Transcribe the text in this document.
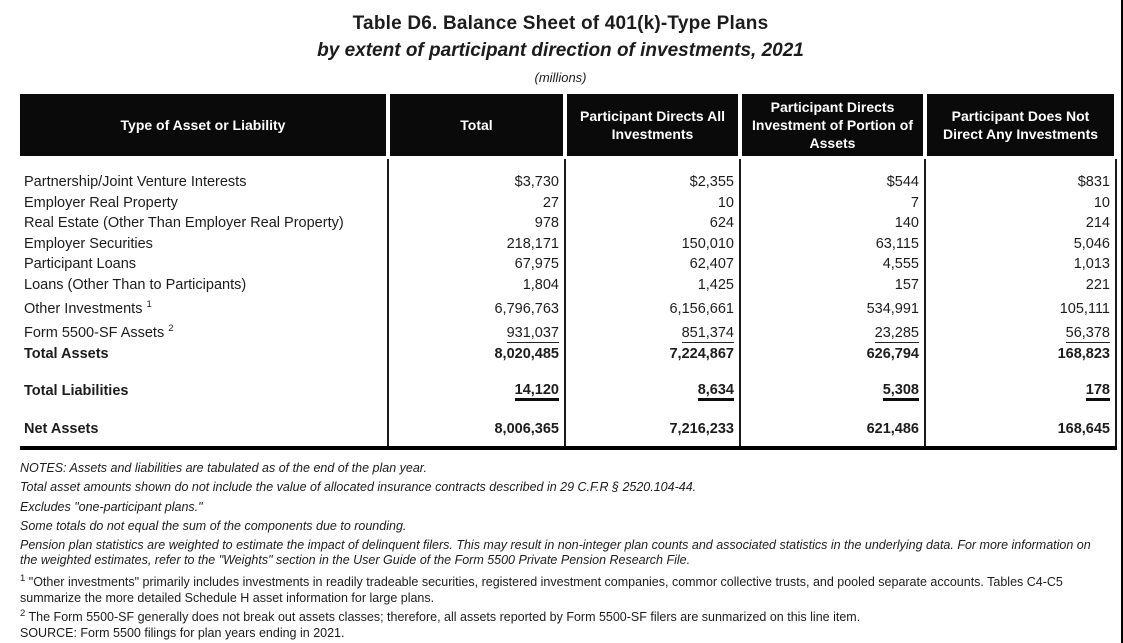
Table D6. Balance Sheet of 401(k)-Type Plans
by extent of participant direction of investments, 2021
(millions)
Type of Asset or Liability	Total	Participant Directs All Investments	Participant Directs Investment of Portion of Assets	Participant Does Not Direct Any Investments
Partnership/Joint Venture Interests	$3,730	$2,355	$544	$831
Employer Real Property	27	10	7	10
Real Estate (Other Than Employer Real Property)	978	624	140	214
Employer Securities	218,171	150,010	63,115	5,046
Participant Loans	67,975	62,407	4,555	1,013
Loans (Other Than to Participants)	1,804	1,425	157	221
Other Investments $^1$	6,796,763	6,156,661	534,991	105,111
Form 5500-SF Assets $^2$	931,037	851,374	23,285	56,378
Total Assets	8,020,485	7,224,867	626,794	168,823

Total Liabilities	14,120	8,634	5,308	178

Net Assets	8,006,365	7,216,233	621,486	168,645

NOTES: Assets and liabilities are tabulated as of the end of the plan year.

Total asset amounts shown do not include the value of allocated insurance contracts described in 29 C.F.R § 2520.104-44.

Excludes "one-participant plans."

Some totals do not equal the sum of the components due to rounding.

Pension plan statistics are weighted to estimate the impact of delinquent filers. This may result in non-integer plan counts and associated statistics in the underlying data. For more information on the weighted estimates, refer to the "Weights" section in the User Guide of the Form 5500 Private Pension Research File.

$^1$ "Other investments" primarily includes investments in readily tradeable securities, registered investment companies, commor collective trusts, and pooled separate accounts. Tables C4-C5 summarize the more detailed Schedule H asset information for large plans.

$^2$ The Form 5500-SF generally does not break out assets classes; therefore, all assets reported by Form 5500-SF filers are sunmarized on this line item.

SOURCE: Form 5500 filings for plan years ending in 2021.
